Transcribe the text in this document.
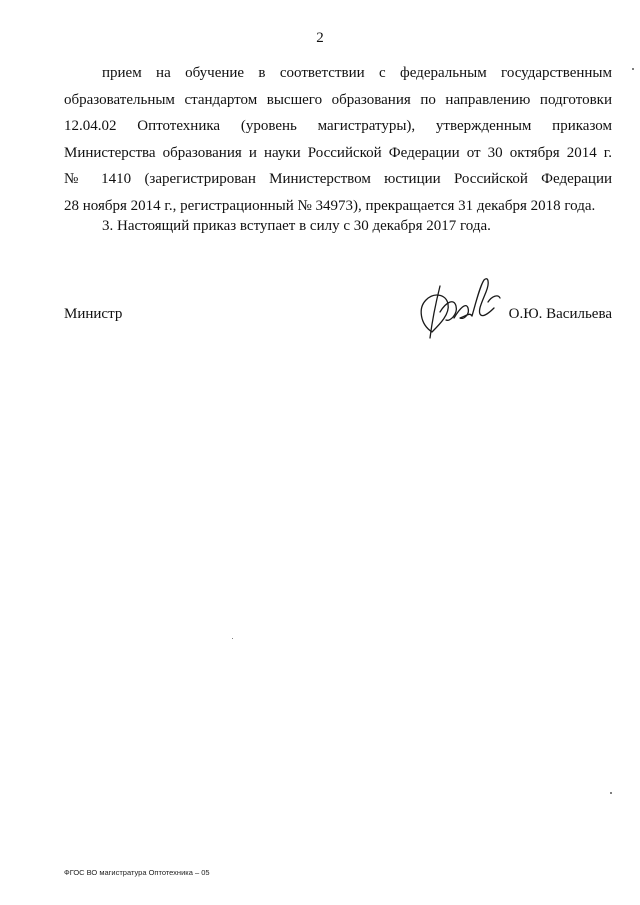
2
прием на обучение в соответствии с федеральным государственным
образовательным стандартом высшего образования по направлению подготовки
12.04.02 Оптотехника (уровень магистратуры), утвержденным приказом
Министерства образования и науки Российской Федерации от 30 октября 2014 г.
№ 1410 (зарегистрирован Министерством юстиции Российской Федерации
28 ноября 2014 г., регистрационный № 34973), прекращается 31 декабря 2018 года.

3. Настоящий приказ вступает в силу с 30 декабря 2017 года.

Министр	О.Ю. Васильева
ФГОС ВО магистратура Оптотехника – 05
